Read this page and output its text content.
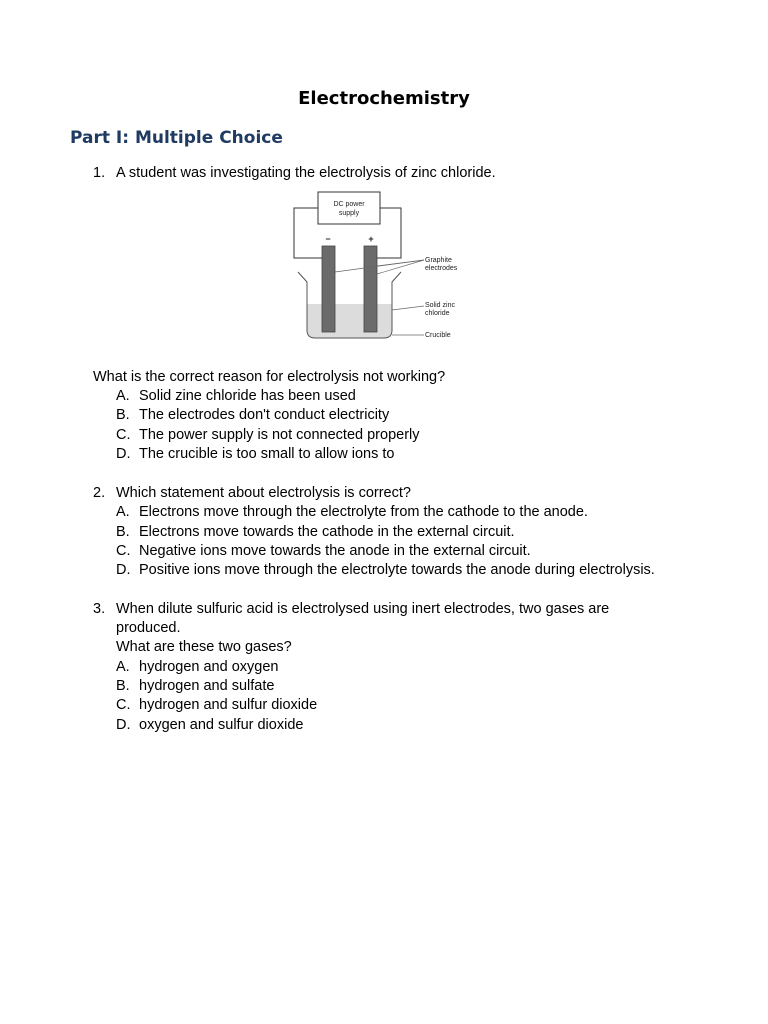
Electrochemistry
Part I: Multiple Choice
1. A student was investigating the electrolysis of zinc chloride.
DC power
supply
−	+
Graphite
electrodes
Solid zinc
chloride
Crucible
What is the correct reason for electrolysis not working?
A. Solid zine chloride has been used
B. The electrodes don't conduct electricity
C. The power supply is not connected properly
D. The crucible is too small to allow ions to
2. Which statement about electrolysis is correct?
A. Electrons move through the electrolyte from the cathode to the anode.
B. Electrons move towards the cathode in the external circuit.
C. Negative ions move towards the anode in the external circuit.
D. Positive ions move through the electrolyte towards the anode during electrolysis.
3. When dilute sulfuric acid is electrolysed using inert electrodes, two gases are
produced.
What are these two gases?
A. hydrogen and oxygen
B. hydrogen and sulfate
C. hydrogen and sulfur dioxide
D. oxygen and sulfur dioxide
